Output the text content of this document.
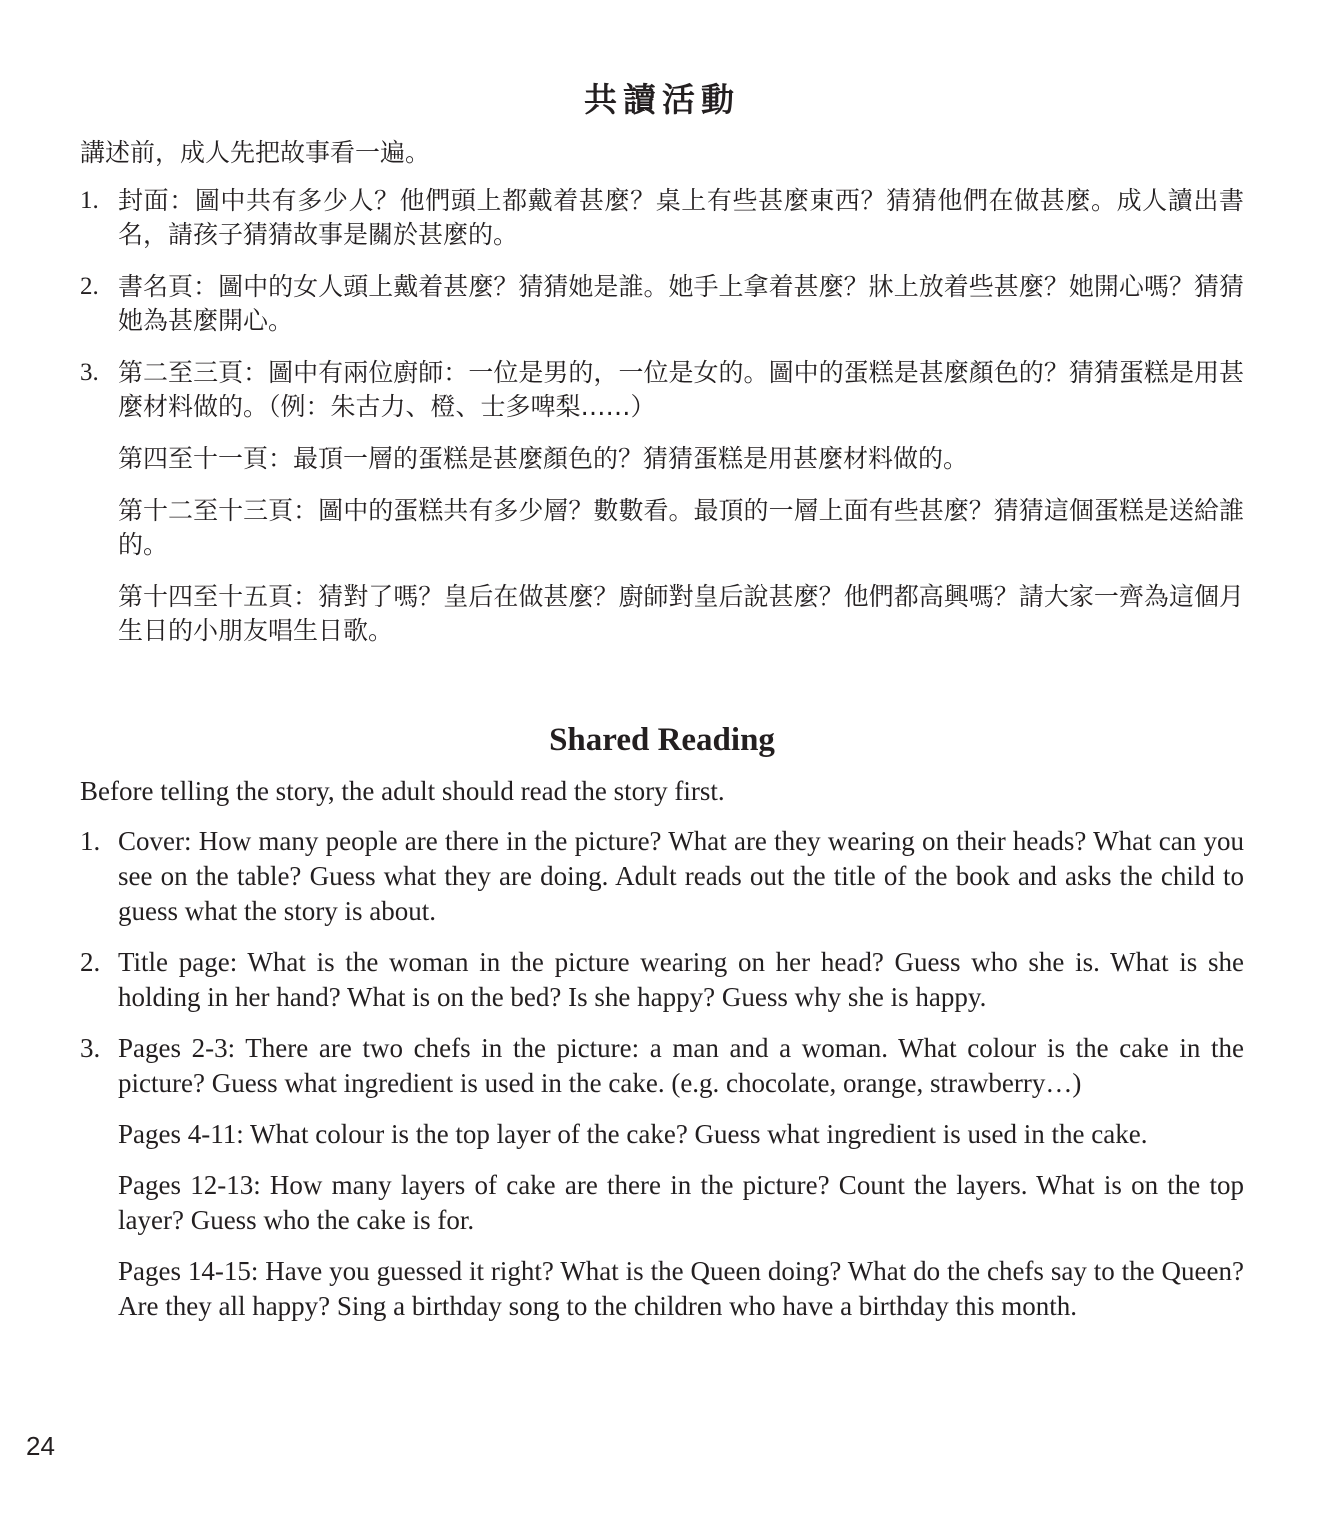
共讀活動

講述前，成人先把故事看一遍。

1. 封面：圖中共有多少人？他們頭上都戴着甚麼？桌上有些甚麼東西？猜猜他們在做甚麼。成人讀出書名，請孩子猜猜故事是關於甚麼的。
2. 書名頁：圖中的女人頭上戴着甚麼？猜猜她是誰。她手上拿着甚麼？牀上放着些甚麼？她開心嗎？猜猜她為甚麼開心。
3. 第二至三頁：圖中有兩位廚師：一位是男的，一位是女的。圖中的蛋糕是甚麼顏色的？猜猜蛋糕是用甚麼材料做的。（例：朱古力、橙、士多啤梨……）

第四至十一頁：最頂一層的蛋糕是甚麼顏色的？猜猜蛋糕是用甚麼材料做的。

第十二至十三頁：圖中的蛋糕共有多少層？數數看。最頂的一層上面有些甚麼？猜猜這個蛋糕是送給誰的。

第十四至十五頁：猜對了嗎？皇后在做甚麼？廚師對皇后說甚麼？他們都高興嗎？請大家一齊為這個月生日的小朋友唱生日歌。

Shared Reading

Before telling the story, the adult should read the story first.

1. Cover: How many people are there in the picture? What are they wearing on their heads? What can you see on the table? Guess what they are doing. Adult reads out the title of the book and asks the child to guess what the story is about.
2. Title page: What is the woman in the picture wearing on her head? Guess who she is. What is she holding in her hand? What is on the bed? Is she happy? Guess why she is happy.
3. Pages 2-3: There are two chefs in the picture: a man and a woman. What colour is the cake in the picture? Guess what ingredient is used in the cake. (e.g. chocolate, orange, strawberry…)

Pages 4-11: What colour is the top layer of the cake? Guess what ingredient is used in the cake.

Pages 12-13: How many layers of cake are there in the picture? Count the layers. What is on the top layer? Guess who the cake is for.

Pages 14-15: Have you guessed it right? What is the Queen doing? What do the chefs say to the Queen? Are they all happy? Sing a birthday song to the children who have a birthday this month.

24
